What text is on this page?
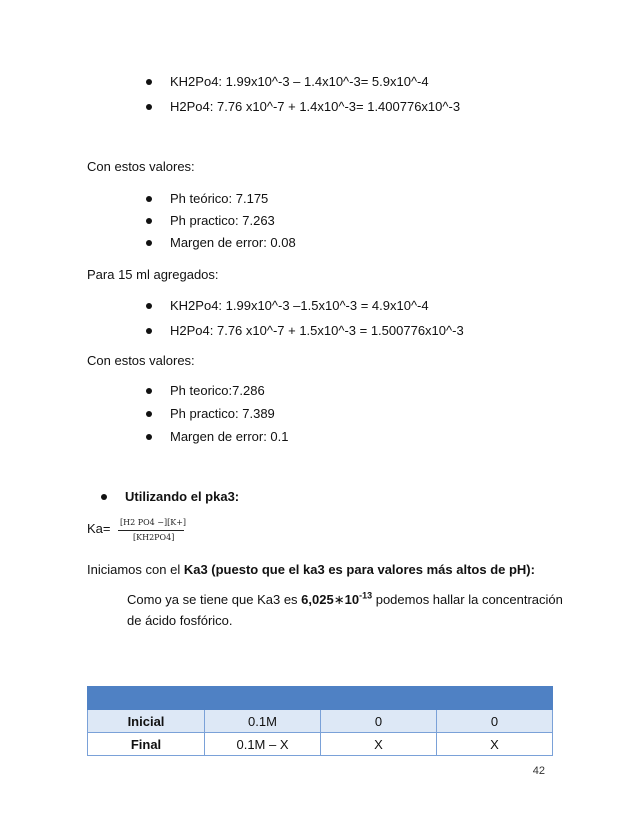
KH2Po4: 1.99x10^-3 – 1.4x10^-3= 5.9x10^-4
H2Po4: 7.76 x10^-7 + 1.4x10^-3= 1.400776x10^-3
Con estos valores:
Ph teórico: 7.175
Ph practico: 7.263
Margen de error: 0.08
Para 15 ml agregados:
KH2Po4: 1.99x10^-3 –1.5x10^-3 = 4.9x10^-4
H2Po4: 7.76 x10^-7 + 1.5x10^-3 = 1.500776x10^-3
Con estos valores:
Ph teorico:7.286
Ph practico: 7.389
Margen de error: 0.1
Utilizando el pka3:
Ka= [H2 PO4 −][K+]
[KH2PO4]
Iniciamos con el Ka3 (puesto que el ka3 es para valores más altos de pH):
Como ya se tiene que Ka3 es $6,025∗10^{-13}$ podemos hallar la concentración
de ácido fosfórico.

Inicial	0.1M	0	0
Final	0.1M – X	X	X
42
